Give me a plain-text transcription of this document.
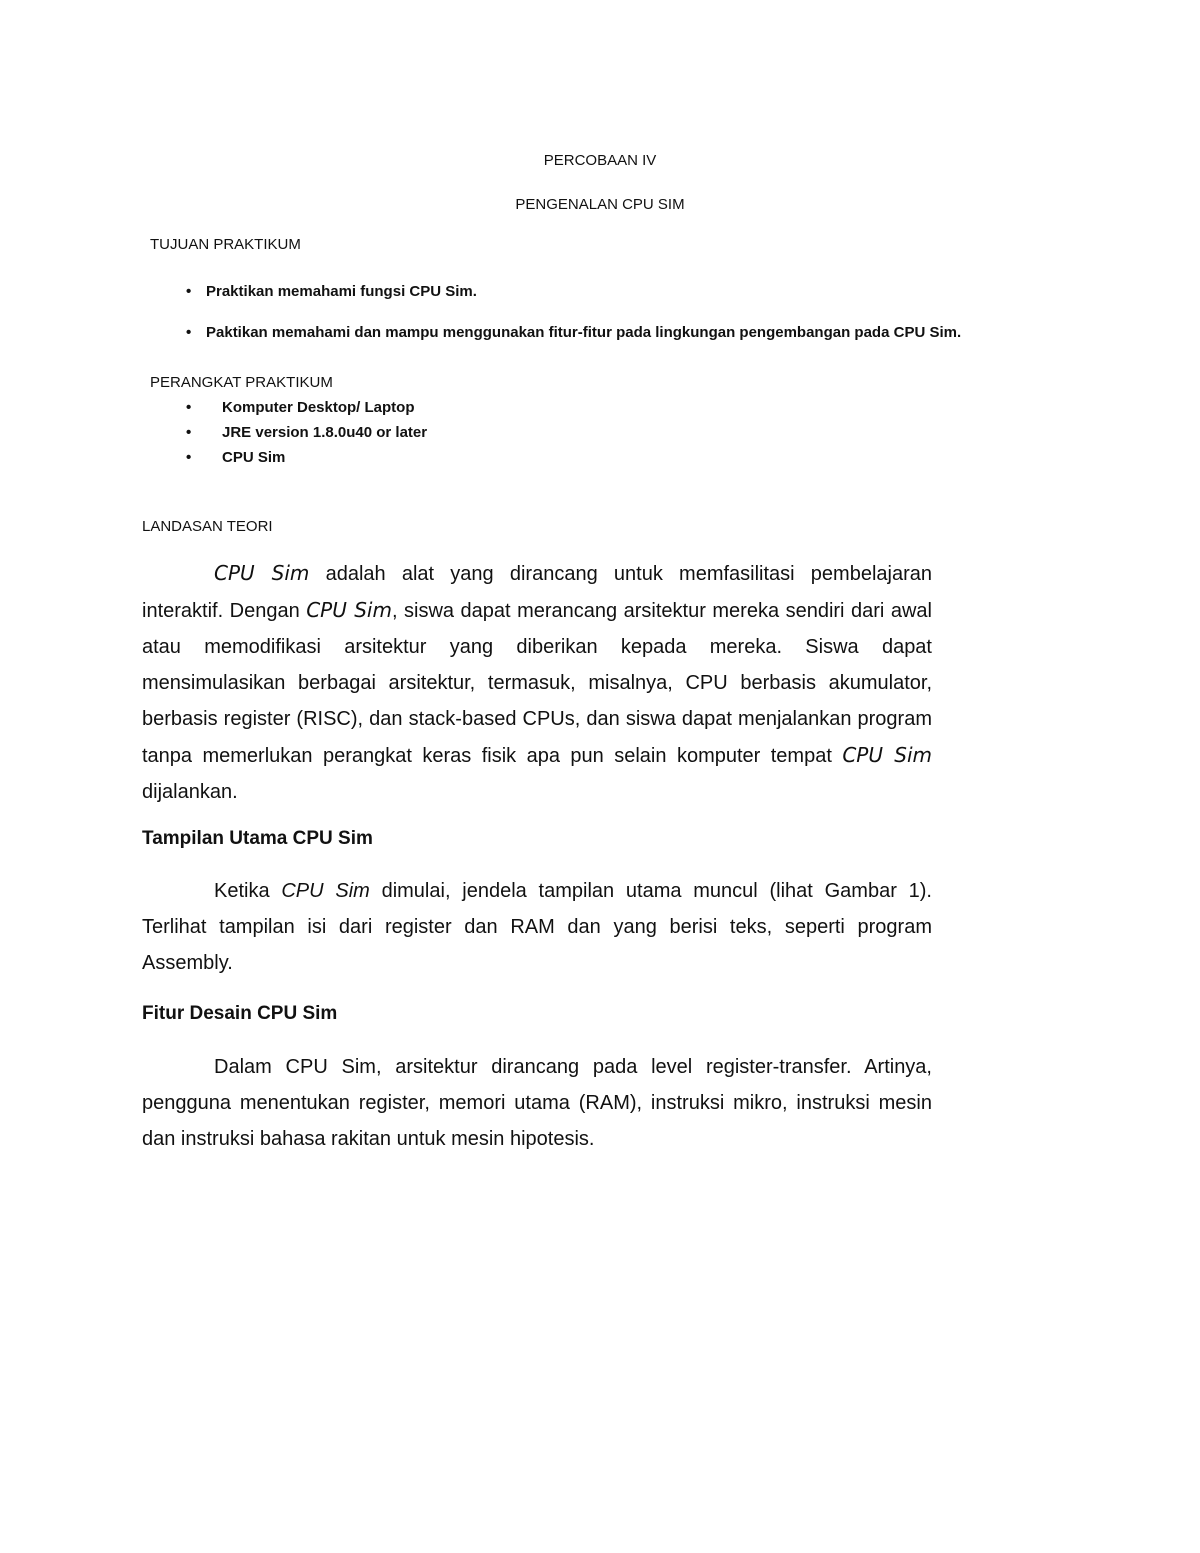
PERCOBAAN IV
PENGENALAN CPU SIM
TUJUAN PRAKTIKUM
• Praktikan memahami fungsi CPU Sim.
• Paktikan memahami dan mampu menggunakan fitur-fitur pada lingkungan pengembangan pada CPU Sim.
PERANGKAT PRAKTIKUM
• Komputer Desktop/ Laptop
• JRE version 1.8.0u40 or later
• CPU Sim
LANDASAN TEORI

CPU Sim adalah alat yang dirancang untuk memfasilitasi pembelajaran interaktif. Dengan CPU Sim, siswa dapat merancang arsitektur mereka sendiri dari awal atau memodifikasi arsitektur yang diberikan kepada mereka. Siswa dapat mensimulasikan berbagai arsitektur, termasuk, misalnya, CPU berbasis akumulator, berbasis register (RISC), dan stack-based CPUs, dan siswa dapat menjalankan program tanpa memerlukan perangkat keras fisik apa pun selain komputer tempat CPU Sim dijalankan.

Tampilan Utama CPU Sim

Ketika CPU Sim dimulai, jendela tampilan utama muncul (lihat Gambar 1). Terlihat tampilan isi dari register dan RAM dan yang berisi teks, seperti program Assembly.

Fitur Desain CPU Sim

Dalam CPU Sim, arsitektur dirancang pada level register-transfer. Artinya, pengguna menentukan register, memori utama (RAM), instruksi mikro, instruksi mesin dan instruksi bahasa rakitan untuk mesin hipotesis.
